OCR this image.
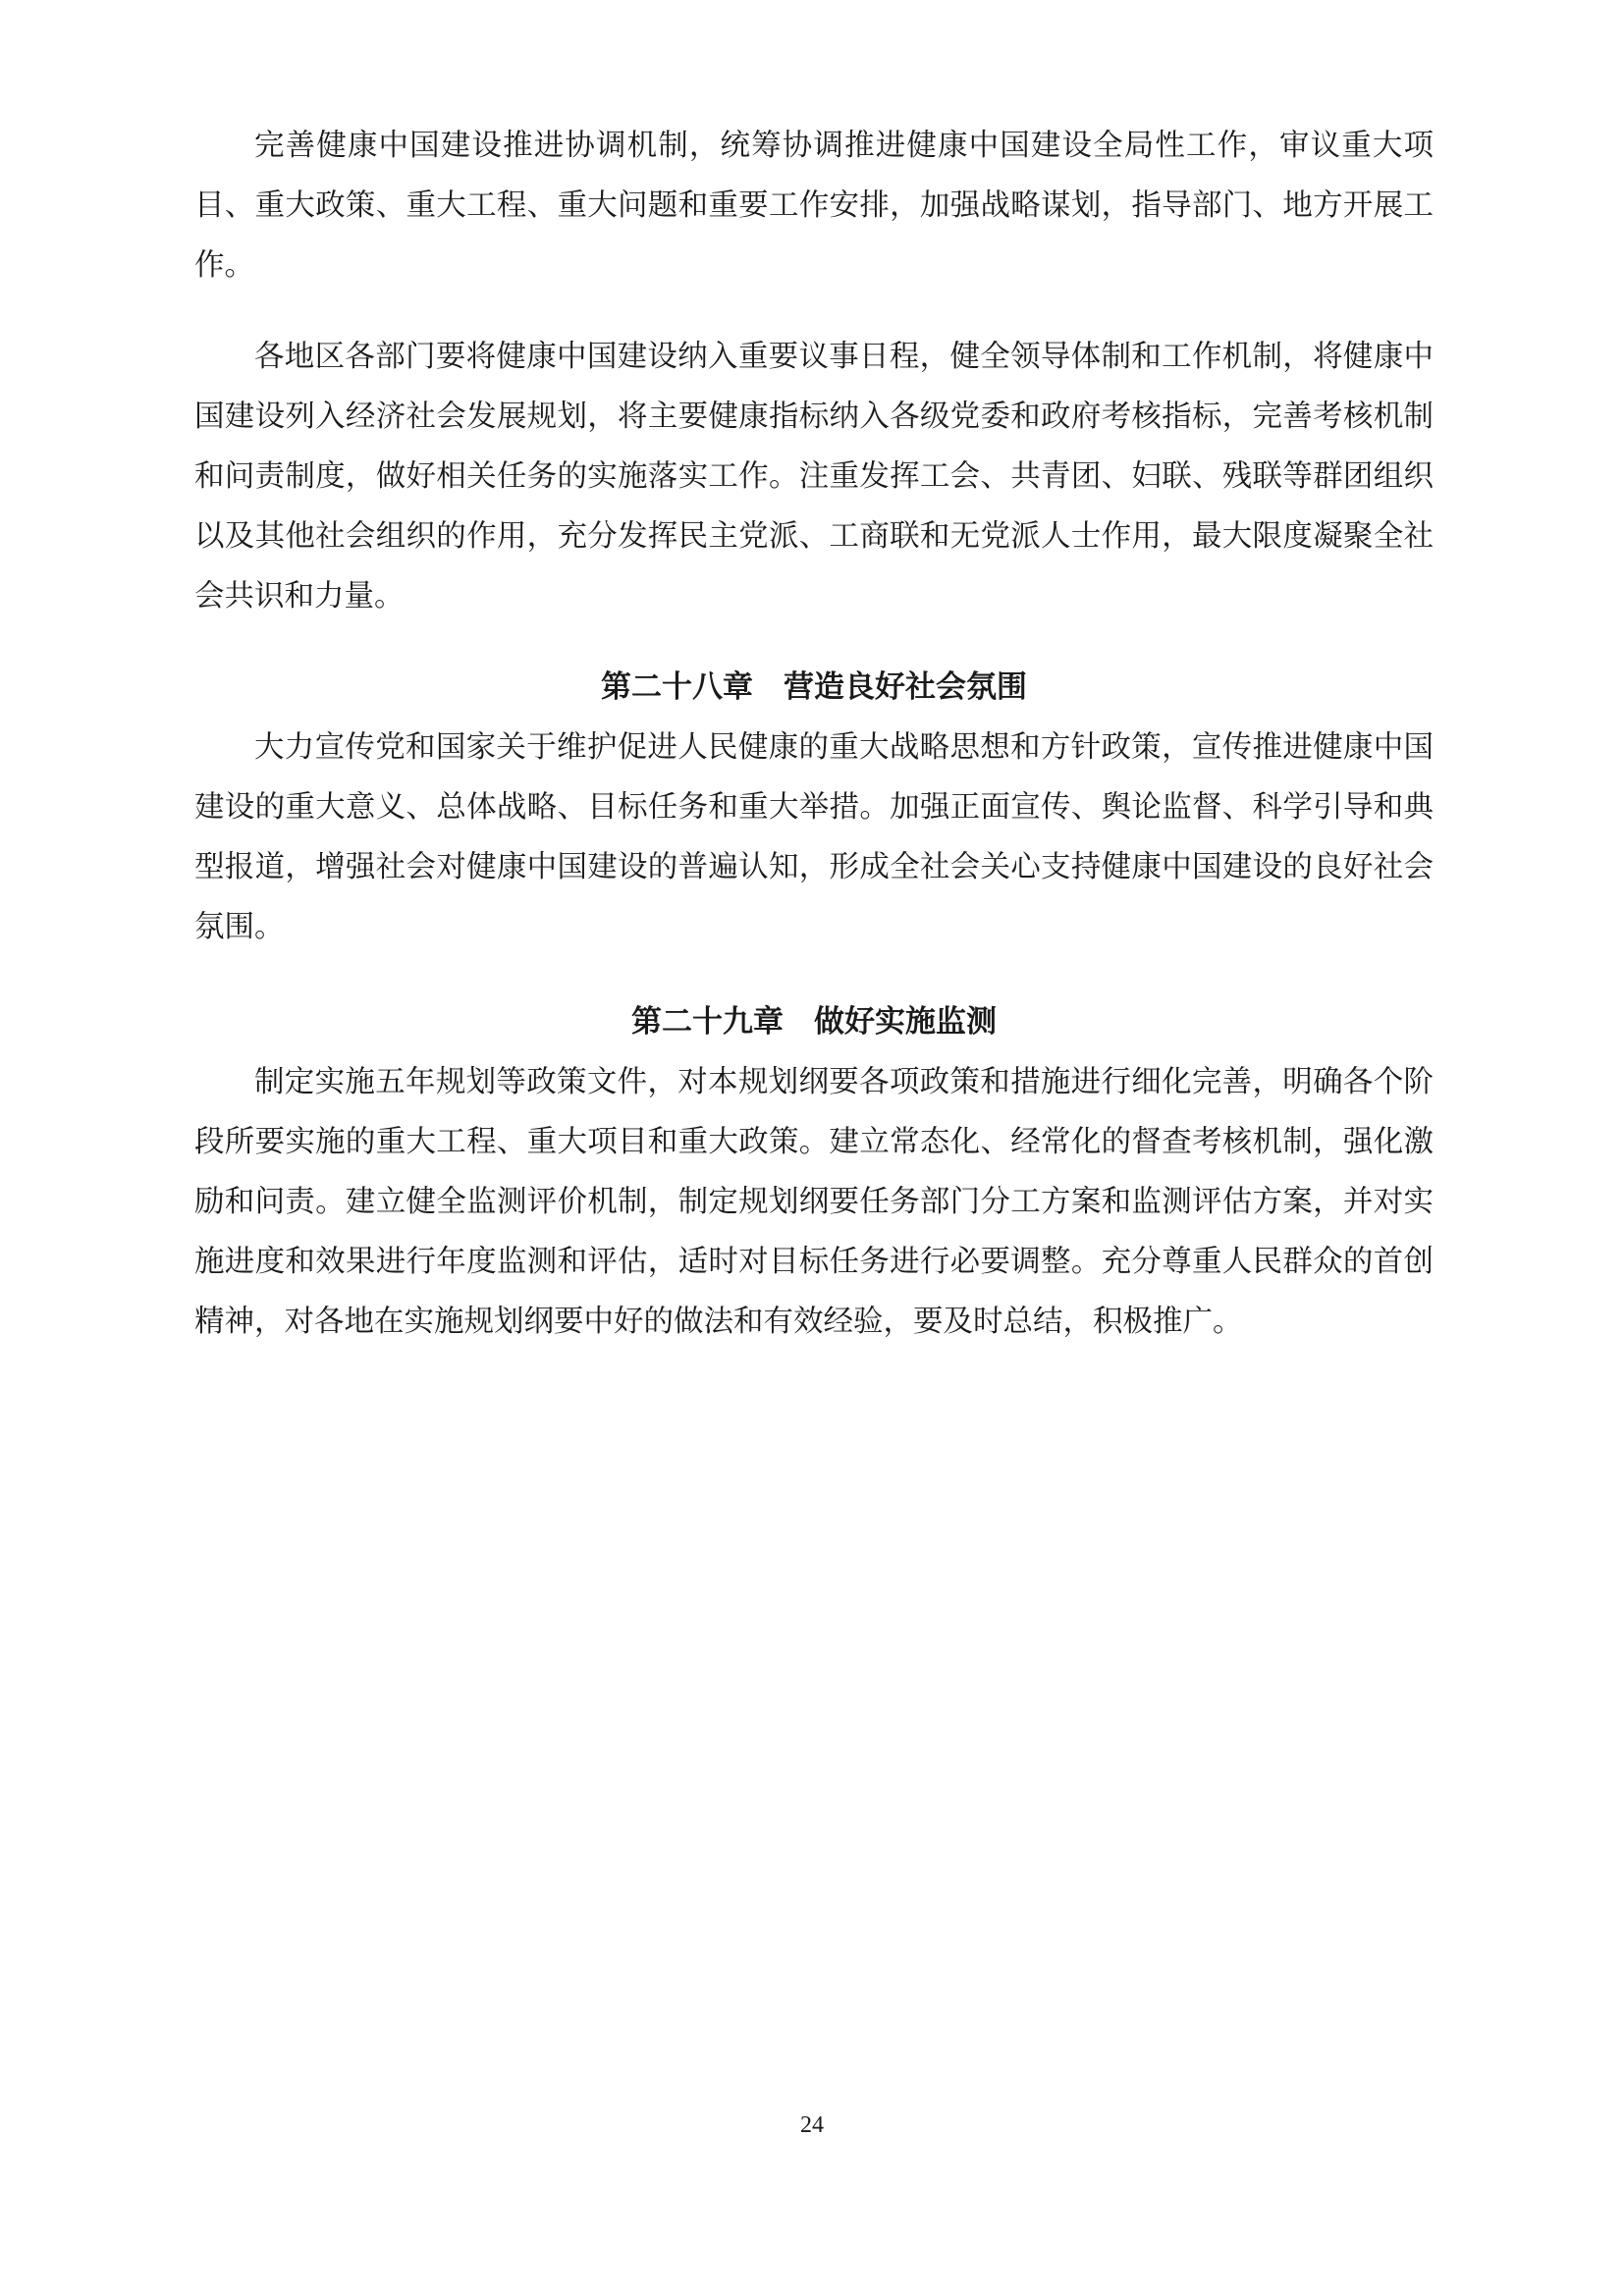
完善健康中国建设推进协调机制，统筹协调推进健康中国建设全局性工作，审议重大项目、重大政策、重大工程、重大问题和重要工作安排，加强战略谋划，指导部门、地方开展工作。

各地区各部门要将健康中国建设纳入重要议事日程，健全领导体制和工作机制，将健康中国建设列入经济社会发展规划，将主要健康指标纳入各级党委和政府考核指标，完善考核机制和问责制度，做好相关任务的实施落实工作。注重发挥工会、共青团、妇联、残联等群团组织以及其他社会组织的作用，充分发挥民主党派、工商联和无党派人士作用，最大限度凝聚全社会共识和力量。

第二十八章　营造良好社会氛围

大力宣传党和国家关于维护促进人民健康的重大战略思想和方针政策，宣传推进健康中国建设的重大意义、总体战略、目标任务和重大举措。加强正面宣传、舆论监督、科学引导和典型报道，增强社会对健康中国建设的普遍认知，形成全社会关心支持健康中国建设的良好社会氛围。

第二十九章　做好实施监测

制定实施五年规划等政策文件，对本规划纲要各项政策和措施进行细化完善，明确各个阶段所要实施的重大工程、重大项目和重大政策。建立常态化、经常化的督查考核机制，强化激励和问责。建立健全监测评价机制，制定规划纲要任务部门分工方案和监测评估方案，并对实施进度和效果进行年度监测和评估，适时对目标任务进行必要调整。充分尊重人民群众的首创精神，对各地在实施规划纲要中好的做法和有效经验，要及时总结，积极推广。

24
